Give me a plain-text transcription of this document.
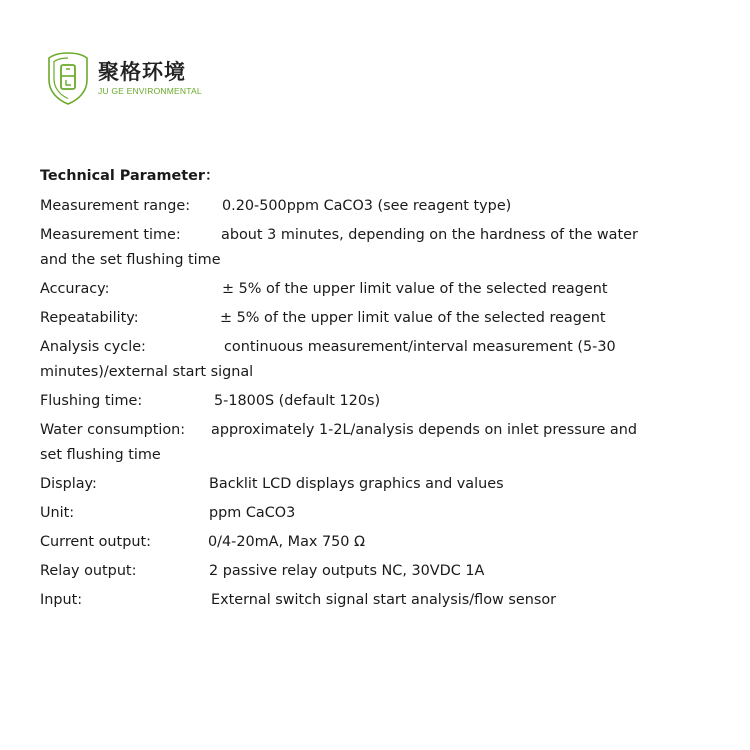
聚格环境
JU GE ENVIRONMENTAL
Technical Parameter：
Measurement range: 0.20-500ppm CaCO3 (see reagent type)
Measurement time:	about 3 minutes, depending on the hardness of the water
and the set flushing time
Accuracy:	± 5% of the upper limit value of the selected reagent
Repeatability:	± 5% of the upper limit value of the selected reagent
Analysis cycle:	continuous measurement/interval measurement (5-30
minutes)/external start signal
Flushing time:	5-1800S (default 120s)
Water consumption: approximately 1-2L/analysis depends on inlet pressure and
set flushing time
Display:	Backlit LCD displays graphics and values
Unit:	ppm CaCO3
Current output:	0/4-20mA, Max 750 Ω
Relay output:	2 passive relay outputs NC, 30VDC 1A
Input:	External switch signal start analysis/flow sensor
